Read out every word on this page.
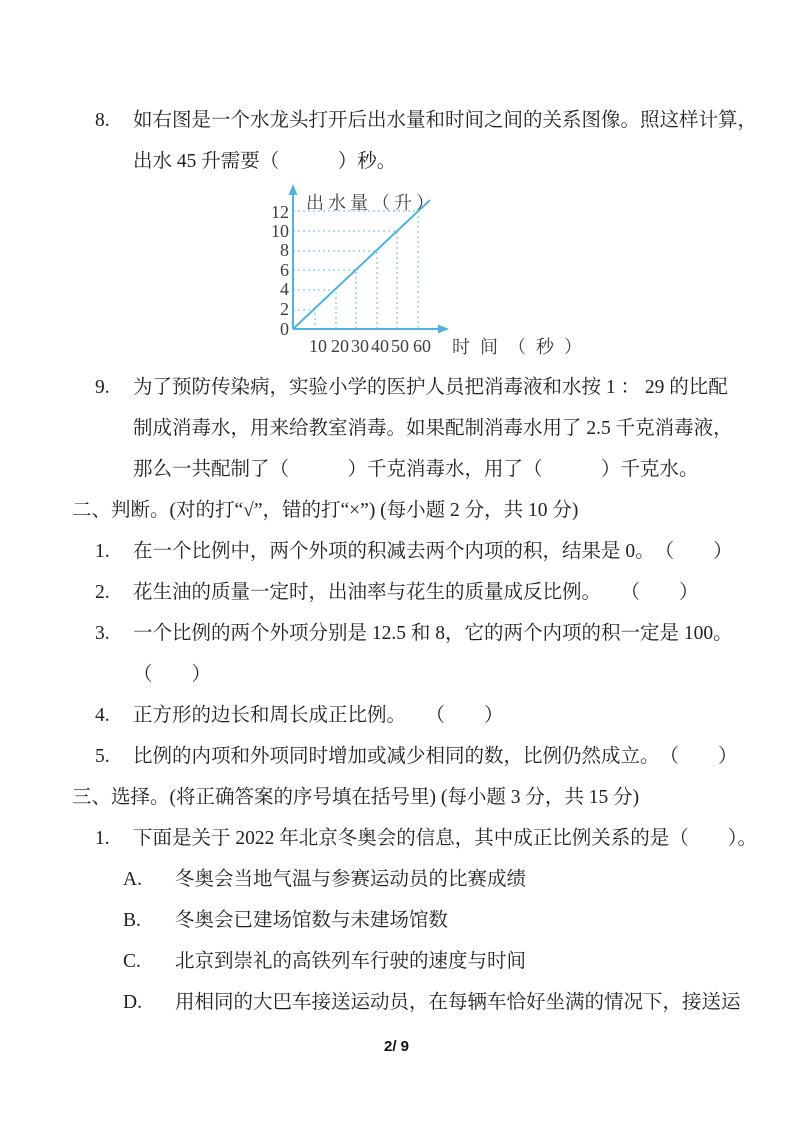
8. 如右图是一个水龙头打开后出水量和时间之间的关系图像。照这样计算，
出水 45 升需要（　　　）秒。
出水量（升）
时间（秒）
12
10
8
6
4
2
0
10 20 30 40 50 60
9. 为了预防传染病，实验小学的医护人员把消毒液和水按 1 ： 29 的比配
制成消毒水，用来给教室消毒。如果配制消毒水用了 2.5 千克消毒液，
那么一共配制了（　　　）千克消毒水，用了（　　　）千克水。
二、判断。(对的打“√”，错的打“×”) (每小题 2 分，共 10 分)
1. 在一个比例中，两个外项的积减去两个内项的积，结果是 0。　（　　）
2. 花生油的质量一定时，出油率与花生的质量成反比例。　　（　　）
3. 一个比例的两个外项分别是 12.5 和 8，它的两个内项的积一定是 100。
（　　）
4. 正方形的边长和周长成正比例。　　（　　）
5. 比例的内项和外项同时增加或减少相同的数，比例仍然成立。　（　　）
三、选择。(将正确答案的序号填在括号里) (每小题 3 分，共 15 分)
1. 下面是关于 2022 年北京冬奥会的信息，其中成正比例关系的是（　　）。
A. 冬奥会当地气温与参赛运动员的比赛成绩
B. 冬奥会已建场馆数与未建场馆数
C. 北京到崇礼的高铁列车行驶的速度与时间
D. 用相同的大巴车接送运动员，在每辆车恰好坐满的情况下，接送运
2/ 9
